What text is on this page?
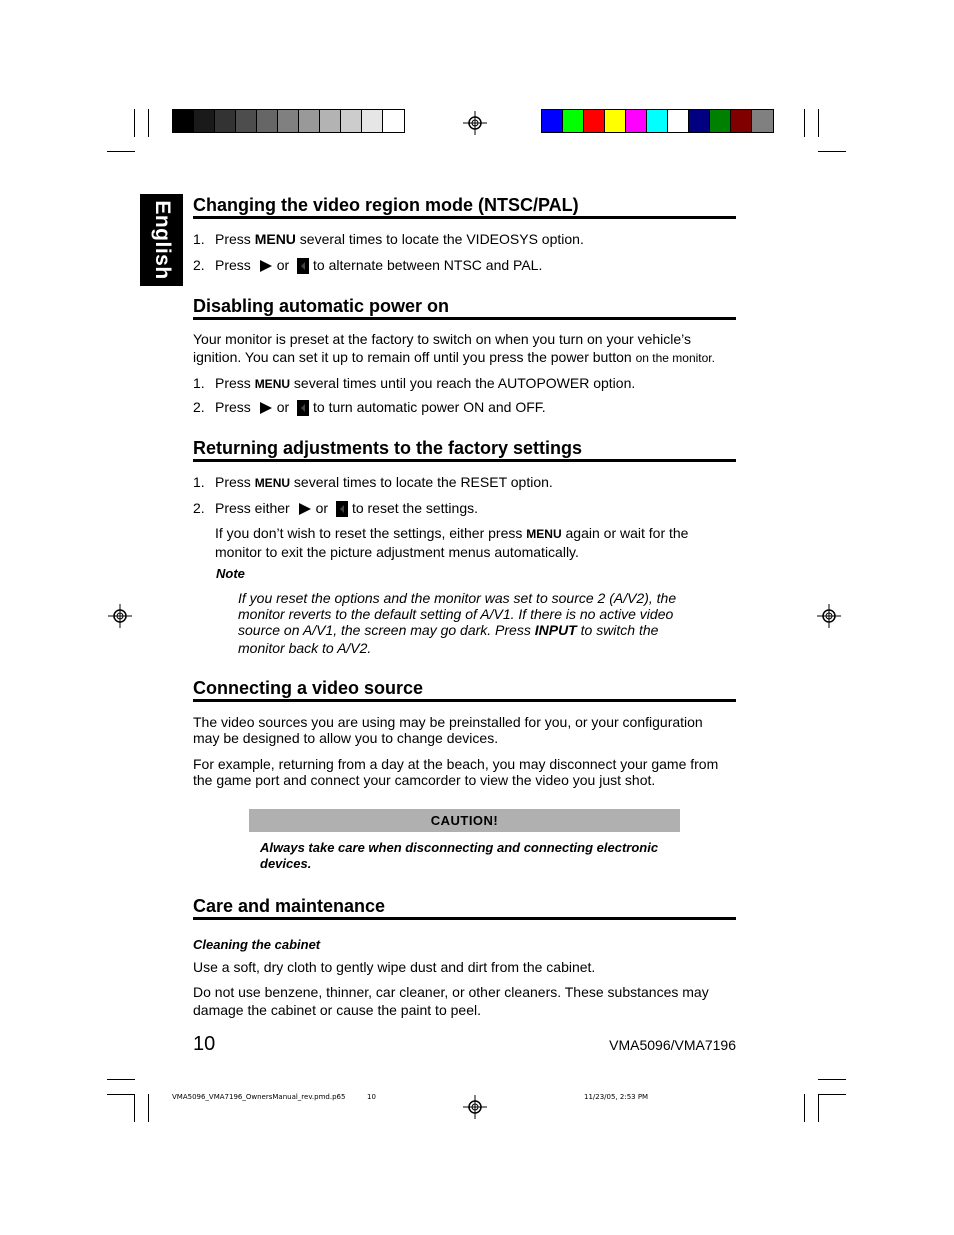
English Changing the video region mode (NTSC/PAL)
1. Press MENU several times to locate the VIDEOSYS option.
2. Press or to alternate between NTSC and PAL.
Disabling automatic power on
Your monitor is preset at the factory to switch on when you turn on your vehicle’s
ignition. You can set it up to remain off until you press the power button on the monitor.
1. Press MENU several times until you reach the AUTOPOWER option.
2. Press or to turn automatic power ON and OFF.
Returning adjustments to the factory settings
1. Press MENU several times to locate the RESET option.
2. Press either or to reset the settings.
If you don’t wish to reset the settings, either press MENU again or wait for the
monitor to exit the picture adjustment menus automatically.
Note
If you reset the options and the monitor was set to source 2 (A/V2), the
monitor reverts to the default setting of A/V1. If there is no active video
source on A/V1, the screen may go dark. Press INPUT to switch the
monitor back to A/V2.
Connecting a video source
The video sources you are using may be preinstalled for you, or your configuration
may be designed to allow you to change devices.
For example, returning from a day at the beach, you may disconnect your game from
the game port and connect your camcorder to view the video you just shot.
CAUTION!
Always take care when disconnecting and connecting electronic
devices.
Care and maintenance
Cleaning the cabinet
Use a soft, dry cloth to gently wipe dust and dirt from the cabinet.
Do not use benzene, thinner, car cleaner, or other cleaners. These substances may
damage the cabinet or cause the paint to peel.
10	VMA5096/VMA7196
VMA5096_VMA7196_OwnersManual_rev.pmd.p65	10	11/23/05, 2:53 PM
